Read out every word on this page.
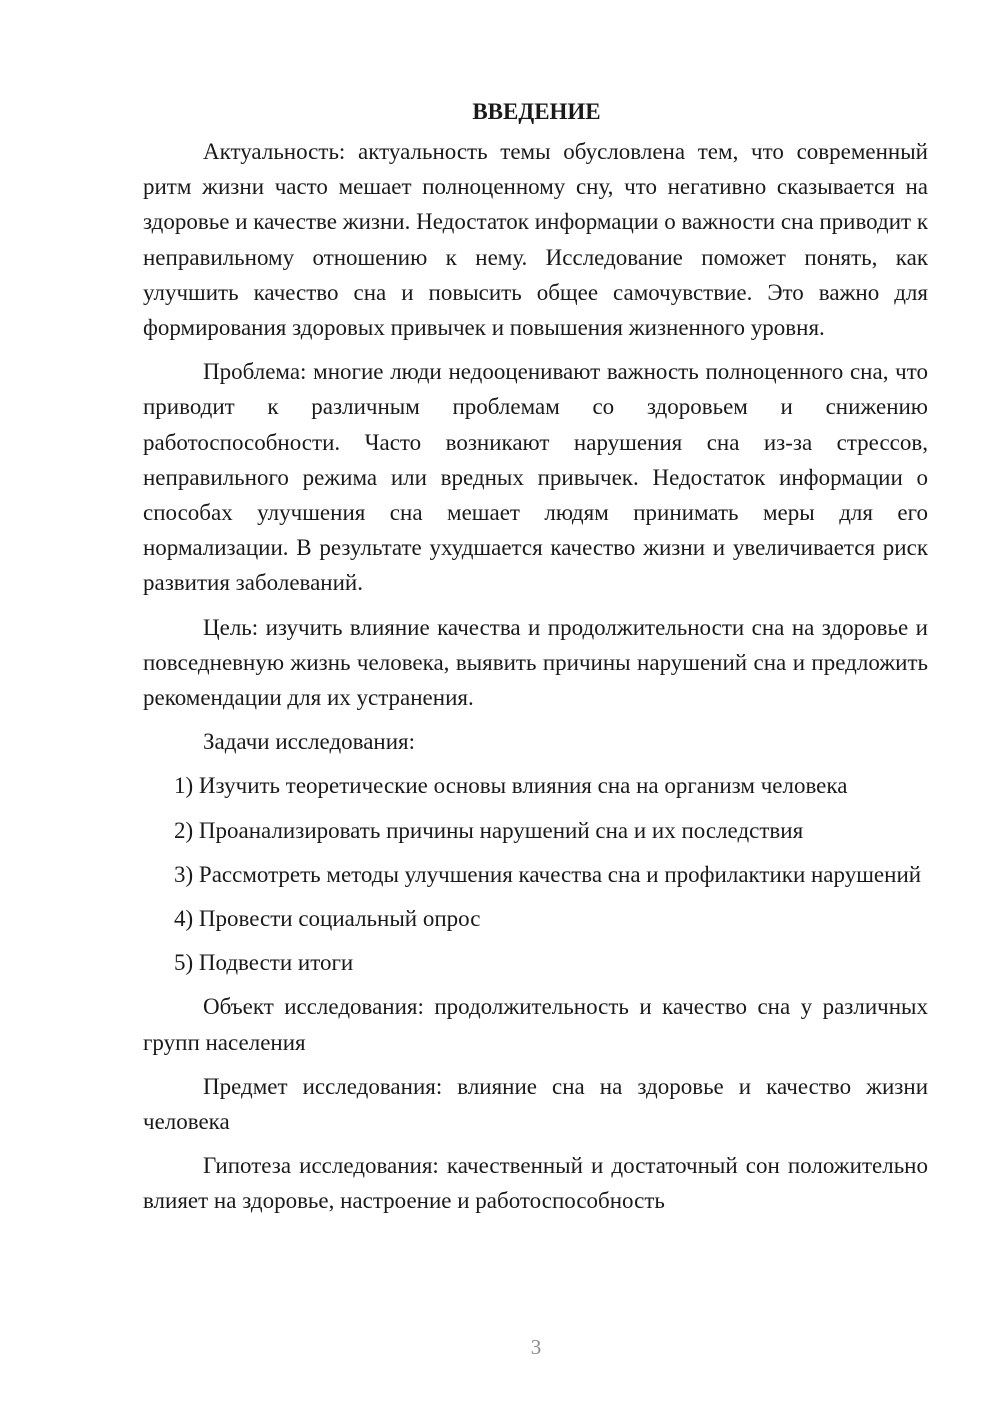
ВВЕДЕНИЕ

Актуальность: актуальность темы обусловлена тем, что современный ритм жизни часто мешает полноценному сну, что негативно сказывается на здоровье и качестве жизни. Недостаток информации о важности сна приводит к неправильному отношению к нему. Исследование поможет понять, как улучшить качество сна и повысить общее самочувствие. Это важно для формирования здоровых привычек и повышения жизненного уровня.

Проблема: многие люди недооценивают важность полноценного сна, что приводит к различным проблемам со здоровьем и снижению работоспособности. Часто возникают нарушения сна из-за стрессов, неправильного режима или вредных привычек. Недостаток информации о способах улучшения сна мешает людям принимать меры для его нормализации. В результате ухудшается качество жизни и увеличивается риск развития заболеваний.

Цель: изучить влияние качества и продолжительности сна на здоровье и повседневную жизнь человека, выявить причины нарушений сна и предложить рекомендации для их устранения.

Задачи исследования:

1) Изучить теоретические основы влияния сна на организм человека

2) Проанализировать причины нарушений сна и их последствия

3) Рассмотреть методы улучшения качества сна и профилактики нарушений

4) Провести социальный опрос

5) Подвести итоги

Объект исследования: продолжительность и качество сна у различных групп населения

Предмет исследования: влияние сна на здоровье и качество жизни человека

Гипотеза исследования: качественный и достаточный сон положительно влияет на здоровье, настроение и работоспособность

3
